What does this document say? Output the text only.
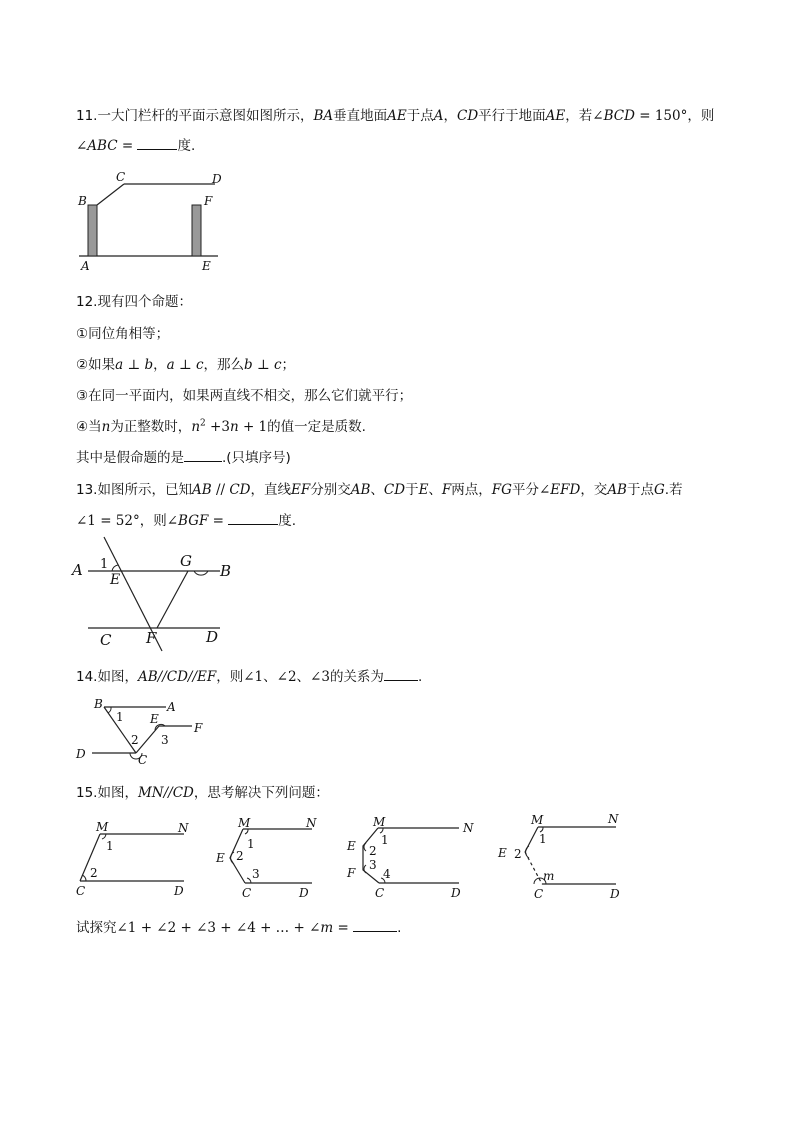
11.一大门栏杆的平面示意图如图所示，BA垂直地面AE于点A，CD平行于地面AE，若∠BCD = 150°，则
∠ABC =	度.
B
C	D
F
A	E
12.现有四个命题：
①同位角相等；
②如果a ⊥ b，a ⊥ c，那么b ⊥ c；
③在同一平面内，如果两直线不相交，那么它们就平行；
④当n为正整数时，$n^2 +3n + 1$的值一定是质数.
其中是假命题的是	.(只填序号)
13.如图所示，已知AB // CD，直线EF分别交AB、CD于E、F两点，FG平分∠EFD，交AB于点G.若
∠1 = 52°，则∠BGF =	度.
A	B
1
E
G
C F	D
14.如图，AB//CD//EF，则∠1、∠2、∠3的关系为	.
B	A
E
F
D	C
1
2 3
15.如图，MN//CD，思考解决下列问题：
M	N
1
2
C	D
M	N
E
1
2
3
C	D
M	N
E
F
1
2
3
4
C	D
M	N
E
1
2
m
C	D
试探究∠1 + ∠2 + ∠3 + ∠4 + … + ∠m =	.
